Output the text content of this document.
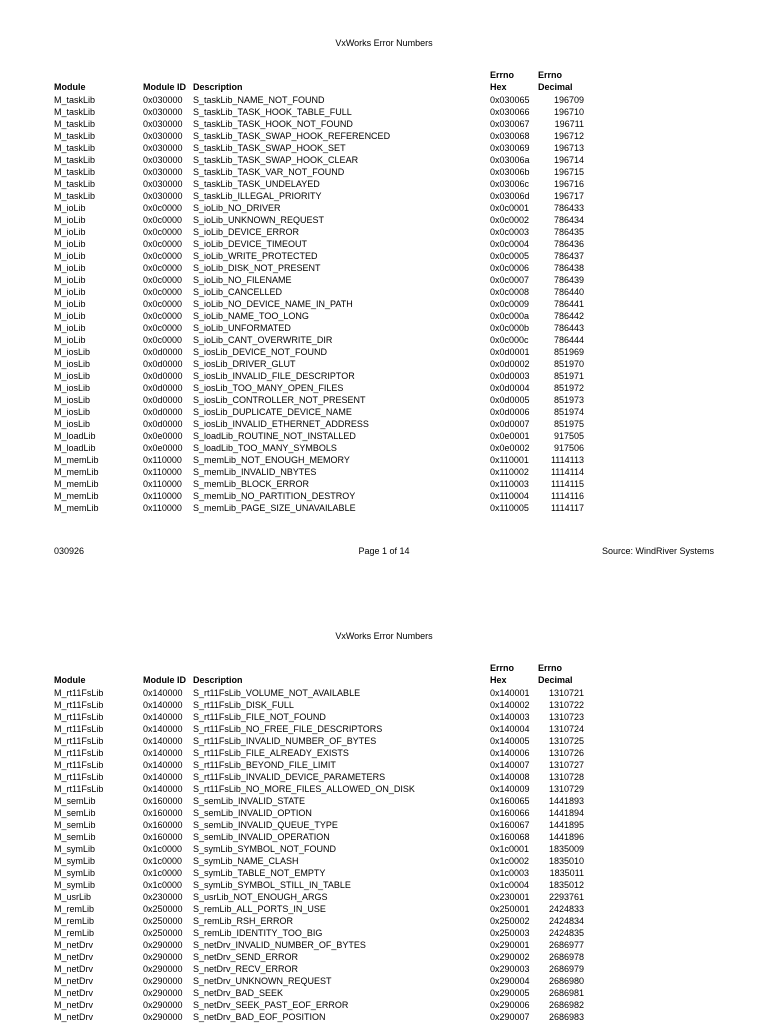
VxWorks Error Numbers
Errno	Errno
Module	Module ID Description	Hex	Decimal
M_taskLib	0x030000 S_taskLib_NAME_NOT_FOUND	0x030065	196709
M_taskLib	0x030000 S_taskLib_TASK_HOOK_TABLE_FULL	0x030066	196710
M_taskLib	0x030000 S_taskLib_TASK_HOOK_NOT_FOUND	0x030067	196711
M_taskLib	0x030000 S_taskLib_TASK_SWAP_HOOK_REFERENCED	0x030068	196712
M_taskLib	0x030000 S_taskLib_TASK_SWAP_HOOK_SET	0x030069	196713
M_taskLib	0x030000 S_taskLib_TASK_SWAP_HOOK_CLEAR	0x03006a	196714
M_taskLib	0x030000 S_taskLib_TASK_VAR_NOT_FOUND	0x03006b	196715
M_taskLib	0x030000 S_taskLib_TASK_UNDELAYED	0x03006c	196716
M_taskLib	0x030000 S_taskLib_ILLEGAL_PRIORITY	0x03006d	196717
M_ioLib	0x0c0000 S_ioLib_NO_DRIVER	0x0c0001	786433
M_ioLib	0x0c0000 S_ioLib_UNKNOWN_REQUEST	0x0c0002	786434
M_ioLib	0x0c0000 S_ioLib_DEVICE_ERROR	0x0c0003	786435
M_ioLib	0x0c0000 S_ioLib_DEVICE_TIMEOUT	0x0c0004	786436
M_ioLib	0x0c0000 S_ioLib_WRITE_PROTECTED	0x0c0005	786437
M_ioLib	0x0c0000 S_ioLib_DISK_NOT_PRESENT	0x0c0006	786438
M_ioLib	0x0c0000 S_ioLib_NO_FILENAME	0x0c0007	786439
M_ioLib	0x0c0000 S_ioLib_CANCELLED	0x0c0008	786440
M_ioLib	0x0c0000 S_ioLib_NO_DEVICE_NAME_IN_PATH	0x0c0009	786441
M_ioLib	0x0c0000 S_ioLib_NAME_TOO_LONG	0x0c000a	786442
M_ioLib	0x0c0000 S_ioLib_UNFORMATED	0x0c000b	786443
M_ioLib	0x0c0000 S_ioLib_CANT_OVERWRITE_DIR	0x0c000c	786444
M_iosLib	0x0d0000 S_iosLib_DEVICE_NOT_FOUND	0x0d0001	851969
M_iosLib	0x0d0000 S_iosLib_DRIVER_GLUT	0x0d0002	851970
M_iosLib	0x0d0000 S_iosLib_INVALID_FILE_DESCRIPTOR	0x0d0003	851971
M_iosLib	0x0d0000 S_iosLib_TOO_MANY_OPEN_FILES	0x0d0004	851972
M_iosLib	0x0d0000 S_iosLib_CONTROLLER_NOT_PRESENT	0x0d0005	851973
M_iosLib	0x0d0000 S_iosLib_DUPLICATE_DEVICE_NAME	0x0d0006	851974
M_iosLib	0x0d0000 S_iosLib_INVALID_ETHERNET_ADDRESS	0x0d0007	851975
M_loadLib	0x0e0000 S_loadLib_ROUTINE_NOT_INSTALLED	0x0e0001	917505
M_loadLib	0x0e0000 S_loadLib_TOO_MANY_SYMBOLS	0x0e0002	917506
M_memLib	0x110000 S_memLib_NOT_ENOUGH_MEMORY	0x110001	1114113
M_memLib	0x110000 S_memLib_INVALID_NBYTES	0x110002	1114114
M_memLib	0x110000 S_memLib_BLOCK_ERROR	0x110003	1114115
M_memLib	0x110000 S_memLib_NO_PARTITION_DESTROY	0x110004	1114116
M_memLib	0x110000 S_memLib_PAGE_SIZE_UNAVAILABLE	0x110005	1114117
030926	Page 1 of 14	Source: WindRiver Systems
VxWorks Error Numbers
Errno	Errno
Module	Module ID Description	Hex	Decimal
M_rt11FsLib	0x140000 S_rt11FsLib_VOLUME_NOT_AVAILABLE	0x140001	1310721
M_rt11FsLib	0x140000 S_rt11FsLib_DISK_FULL	0x140002	1310722
M_rt11FsLib	0x140000 S_rt11FsLib_FILE_NOT_FOUND	0x140003	1310723
M_rt11FsLib	0x140000 S_rt11FsLib_NO_FREE_FILE_DESCRIPTORS	0x140004	1310724
M_rt11FsLib	0x140000 S_rt11FsLib_INVALID_NUMBER_OF_BYTES	0x140005	1310725
M_rt11FsLib	0x140000 S_rt11FsLib_FILE_ALREADY_EXISTS	0x140006	1310726
M_rt11FsLib	0x140000 S_rt11FsLib_BEYOND_FILE_LIMIT	0x140007	1310727
M_rt11FsLib	0x140000 S_rt11FsLib_INVALID_DEVICE_PARAMETERS	0x140008	1310728
M_rt11FsLib	0x140000 S_rt11FsLib_NO_MORE_FILES_ALLOWED_ON_DISK	0x140009	1310729
M_semLib	0x160000 S_semLib_INVALID_STATE	0x160065	1441893
M_semLib	0x160000 S_semLib_INVALID_OPTION	0x160066	1441894
M_semLib	0x160000 S_semLib_INVALID_QUEUE_TYPE	0x160067	1441895
M_semLib	0x160000 S_semLib_INVALID_OPERATION	0x160068	1441896
M_symLib	0x1c0000 S_symLib_SYMBOL_NOT_FOUND	0x1c0001	1835009
M_symLib	0x1c0000 S_symLib_NAME_CLASH	0x1c0002	1835010
M_symLib	0x1c0000 S_symLib_TABLE_NOT_EMPTY	0x1c0003	1835011
M_symLib	0x1c0000 S_symLib_SYMBOL_STILL_IN_TABLE	0x1c0004	1835012
M_usrLib	0x230000 S_usrLib_NOT_ENOUGH_ARGS	0x230001	2293761
M_remLib	0x250000 S_remLib_ALL_PORTS_IN_USE	0x250001	2424833
M_remLib	0x250000 S_remLib_RSH_ERROR	0x250002	2424834
M_remLib	0x250000 S_remLib_IDENTITY_TOO_BIG	0x250003	2424835
M_netDrv	0x290000 S_netDrv_INVALID_NUMBER_OF_BYTES	0x290001	2686977
M_netDrv	0x290000 S_netDrv_SEND_ERROR	0x290002	2686978
M_netDrv	0x290000 S_netDrv_RECV_ERROR	0x290003	2686979
M_netDrv	0x290000 S_netDrv_UNKNOWN_REQUEST	0x290004	2686980
M_netDrv	0x290000 S_netDrv_BAD_SEEK	0x290005	2686981
M_netDrv	0x290000 S_netDrv_SEEK_PAST_EOF_ERROR	0x290006	2686982
M_netDrv	0x290000 S_netDrv_BAD_EOF_POSITION	0x290007	2686983
